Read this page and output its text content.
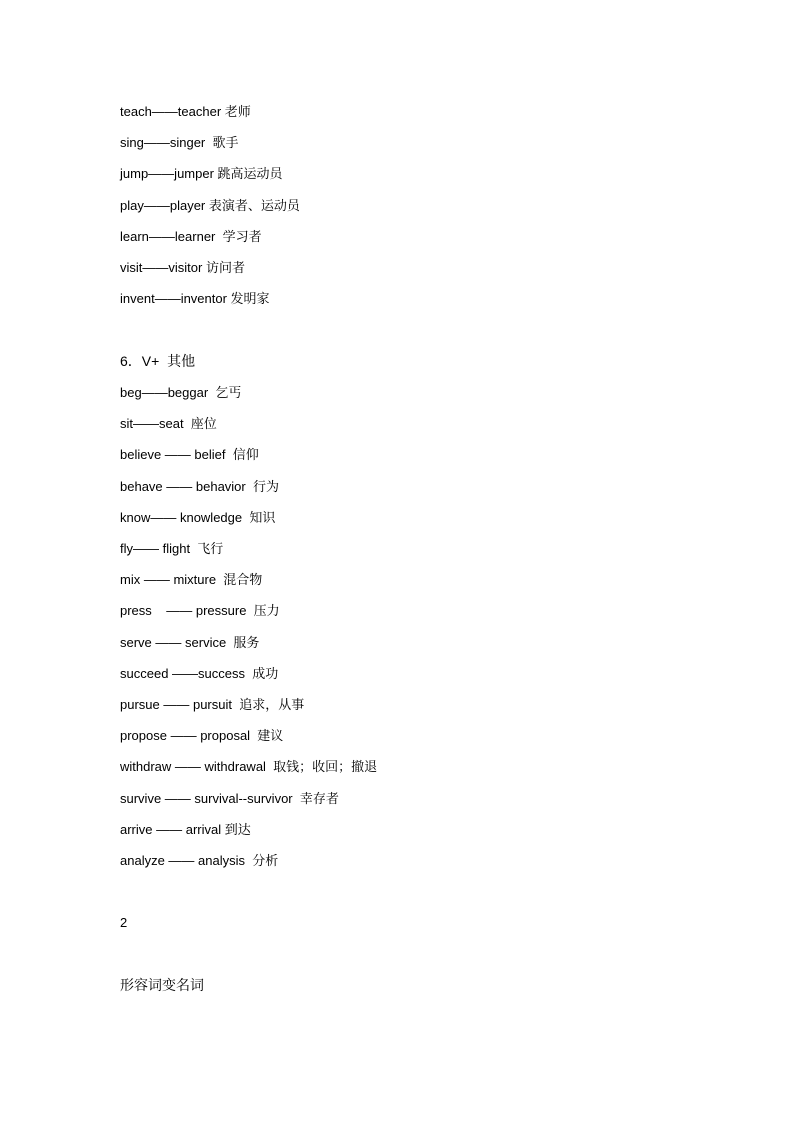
teach——teacher 老师
sing——singer  歌手
jump——jumper 跳高运动员
play——player 表演者、运动员
learn——learner  学习者
visit——visitor 访问者
invent——inventor 发明家
6．V+  其他
beg——beggar  乞丐
sit——seat  座位
believe —— belief  信仰
behave —— behavior  行为
know—— knowledge  知识
fly—— flight  飞行
mix —— mixture  混合物
press    —— pressure  压力
serve —— service  服务
succeed ——success  成功
pursue —— pursuit  追求，从事
propose —— proposal  建议
withdraw —— withdrawal  取钱；收回；撤退
survive —— survival--survivor  幸存者
arrive —— arrival 到达
analyze —— analysis  分析
2
形容词变名词
